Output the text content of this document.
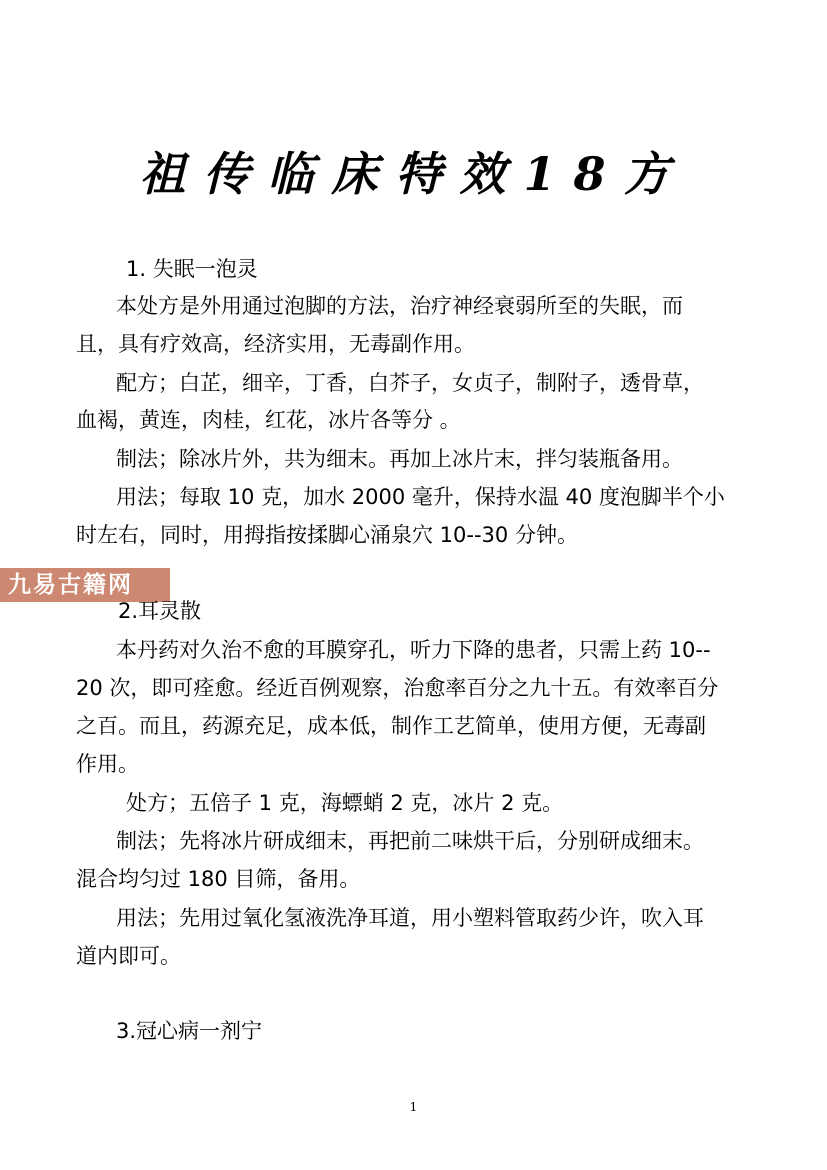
祖传临床特效18方
1. 失眠一泡灵
本处方是外用通过泡脚的方法，治疗神经衰弱所至的失眠，而
且，具有疗效高，经济实用，无毒副作用。
配方；白芷，细辛，丁香，白芥子，女贞子，制附子，透骨草，
血褐，黄连，肉桂，红花，冰片各等分 。
制法；除冰片外，共为细末。再加上冰片末，拌匀装瓶备用。
用法；每取 10 克，加水 2000 毫升，保持水温 40 度泡脚半个小
时左右，同时，用拇指按揉脚心涌泉穴 10--30 分钟。
九易古籍网
2.耳灵散
本丹药对久治不愈的耳膜穿孔，听力下降的患者，只需上药 10--
20 次，即可痊愈。经近百例观察，治愈率百分之九十五。有效率百分
之百。而且，药源充足，成本低，制作工艺简单，使用方便，无毒副
作用。
处方；五倍子 1 克，海螵蛸 2 克，冰片 2 克。
制法；先将冰片研成细末，再把前二味烘干后，分别研成细末。
混合均匀过 180 目筛，备用。
用法；先用过氧化氢液洗净耳道，用小塑料管取药少许，吹入耳
道内即可。
3.冠心病一剂宁
1
